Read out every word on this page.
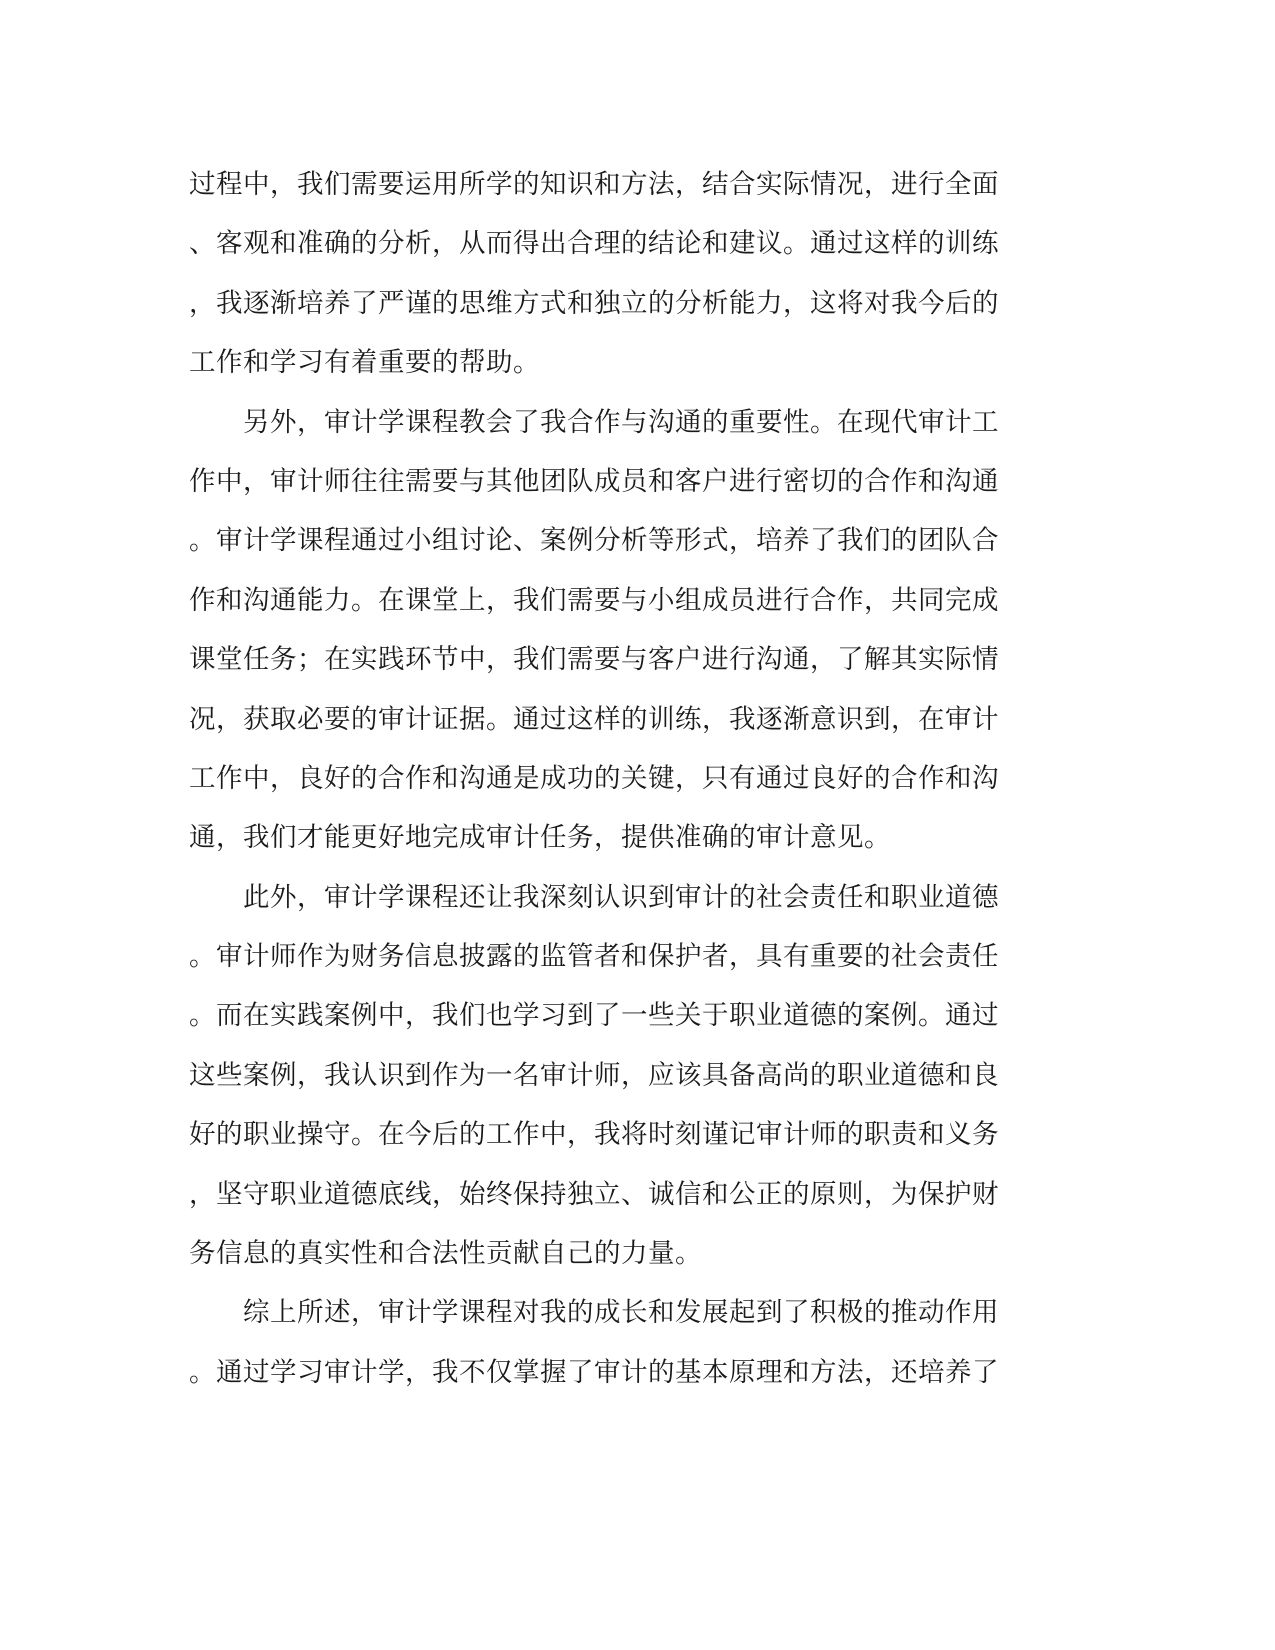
过程中，我们需要运用所学的知识和方法，结合实际情况，进行全面
、客观和准确的分析，从而得出合理的结论和建议。通过这样的训练
，我逐渐培养了严谨的思维方式和独立的分析能力，这将对我今后的
工作和学习有着重要的帮助。
　　另外，审计学课程教会了我合作与沟通的重要性。在现代审计工
作中，审计师往往需要与其他团队成员和客户进行密切的合作和沟通
。审计学课程通过小组讨论、案例分析等形式，培养了我们的团队合
作和沟通能力。在课堂上，我们需要与小组成员进行合作，共同完成
课堂任务；在实践环节中，我们需要与客户进行沟通，了解其实际情
况，获取必要的审计证据。通过这样的训练，我逐渐意识到，在审计
工作中，良好的合作和沟通是成功的关键，只有通过良好的合作和沟
通，我们才能更好地完成审计任务，提供准确的审计意见。
　　此外，审计学课程还让我深刻认识到审计的社会责任和职业道德
。审计师作为财务信息披露的监管者和保护者，具有重要的社会责任
。而在实践案例中，我们也学习到了一些关于职业道德的案例。通过
这些案例，我认识到作为一名审计师，应该具备高尚的职业道德和良
好的职业操守。在今后的工作中，我将时刻谨记审计师的职责和义务
，坚守职业道德底线，始终保持独立、诚信和公正的原则，为保护财
务信息的真实性和合法性贡献自己的力量。
　　综上所述，审计学课程对我的成长和发展起到了积极的推动作用
。通过学习审计学，我不仅掌握了审计的基本原理和方法，还培养了
